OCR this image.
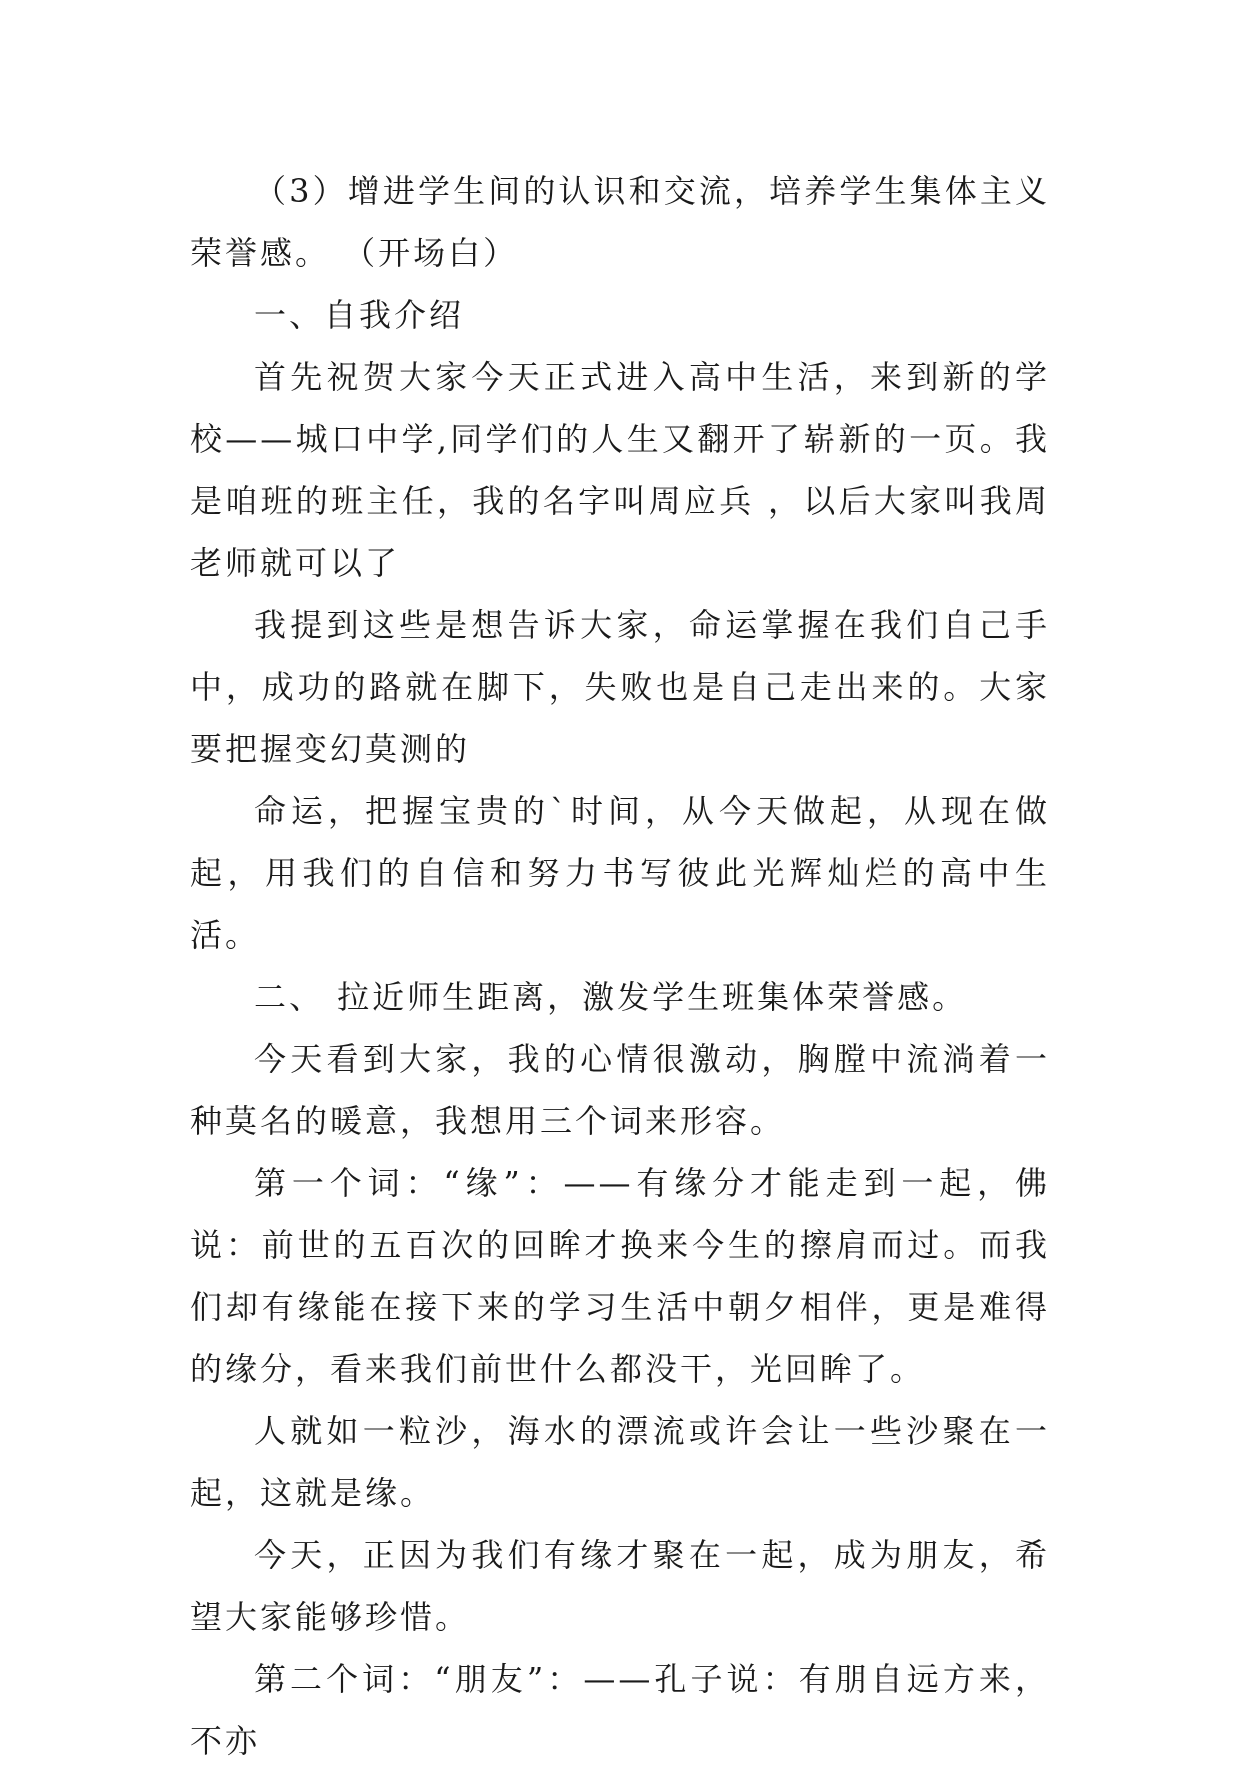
（3）增进学生间的认识和交流，培养学生集体主义荣誉感。 （开场白）

一、自我介绍

首先祝贺大家今天正式进入高中生活，来到新的学校——城口中学,同学们的人生又翻开了崭新的一页。我是咱班的班主任，我的名字叫周应兵 ，以后大家叫我周老师就可以了

我提到这些是想告诉大家，命运掌握在我们自己手中，成功的路就在脚下，失败也是自己走出来的。大家要把握变幻莫测的

命运，把握宝贵的`时间，从今天做起，从现在做起，用我们的自信和努力书写彼此光辉灿烂的高中生活。

二、 拉近师生距离，激发学生班集体荣誉感。

今天看到大家，我的心情很激动，胸膛中流淌着一种莫名的暖意，我想用三个词来形容。

第一个词：“缘”：——有缘分才能走到一起，佛说：前世的五百次的回眸才换来今生的擦肩而过。而我们却有缘能在接下来的学习生活中朝夕相伴，更是难得的缘分，看来我们前世什么都没干，光回眸了。

人就如一粒沙，海水的漂流或许会让一些沙聚在一起，这就是缘。

今天，正因为我们有缘才聚在一起，成为朋友，希望大家能够珍惜。

第二个词：“朋友”：——孔子说：有朋自远方来，不亦
